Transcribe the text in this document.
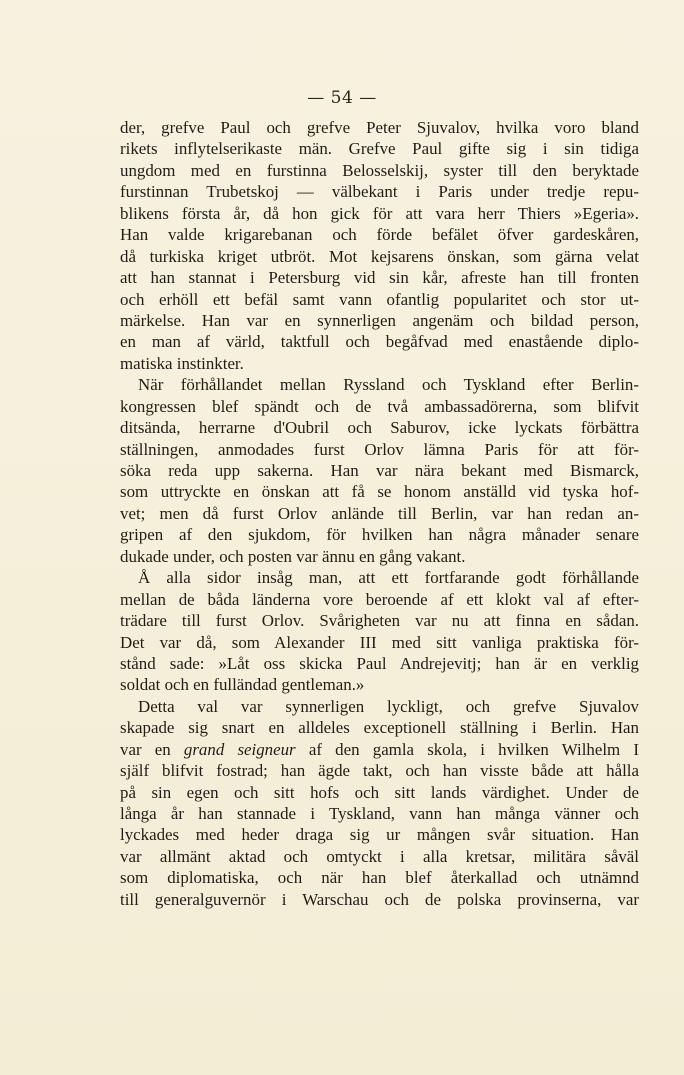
— 54 —
der, grefve Paul och grefve Peter Sjuvalov, hvilka voro bland
rikets inflytelserikaste män. Grefve Paul gifte sig i sin tidiga
ungdom med en furstinna Belosselskij, syster till den beryktade
furstinnan Trubetskoj — välbekant i Paris under tredje repu-
blikens första år, då hon gick för att vara herr Thiers »Egeria».
Han valde krigarebanan och förde befälet öfver gardeskåren,
då turkiska kriget utbröt. Mot kejsarens önskan, som gärna velat
att han stannat i Petersburg vid sin kår, afreste han till fronten
och erhöll ett befäl samt vann ofantlig popularitet och stor ut-
märkelse. Han var en synnerligen angenäm och bildad person,
en man af värld, taktfull och begåfvad med enastående diplo-
matiska instinkter.
När förhållandet mellan Ryssland och Tyskland efter Berlin-
kongressen blef spändt och de två ambassadörerna, som blifvit
ditsända, herrarne d'Oubril och Saburov, icke lyckats förbättra
ställningen, anmodades furst Orlov lämna Paris för att för-
söka reda upp sakerna. Han var nära bekant med Bismarck,
som uttryckte en önskan att få se honom anställd vid tyska hof-
vet; men då furst Orlov anlände till Berlin, var han redan an-
gripen af den sjukdom, för hvilken han några månader senare
dukade under, och posten var ännu en gång vakant.
Å alla sidor insåg man, att ett fortfarande godt förhållande
mellan de båda länderna vore beroende af ett klokt val af efter-
trädare till furst Orlov. Svårigheten var nu att finna en sådan.
Det var då, som Alexander III med sitt vanliga praktiska för-
stånd sade: »Låt oss skicka Paul Andrejevitj; han är en verklig
soldat och en fulländad gentleman.»
Detta val var synnerligen lyckligt, och grefve Sjuvalov
skapade sig snart en alldeles exceptionell ställning i Berlin. Han
var en grand seigneur af den gamla skola, i hvilken Wilhelm I
själf blifvit fostrad; han ägde takt, och han visste både att hålla
på sin egen och sitt hofs och sitt lands värdighet. Under de
långa år han stannade i Tyskland, vann han många vänner och
lyckades med heder draga sig ur mången svår situation. Han
var allmänt aktad och omtyckt i alla kretsar, militära såväl
som diplomatiska, och när han blef återkallad och utnämnd
till generalguvernör i Warschau och de polska provinserna, var
